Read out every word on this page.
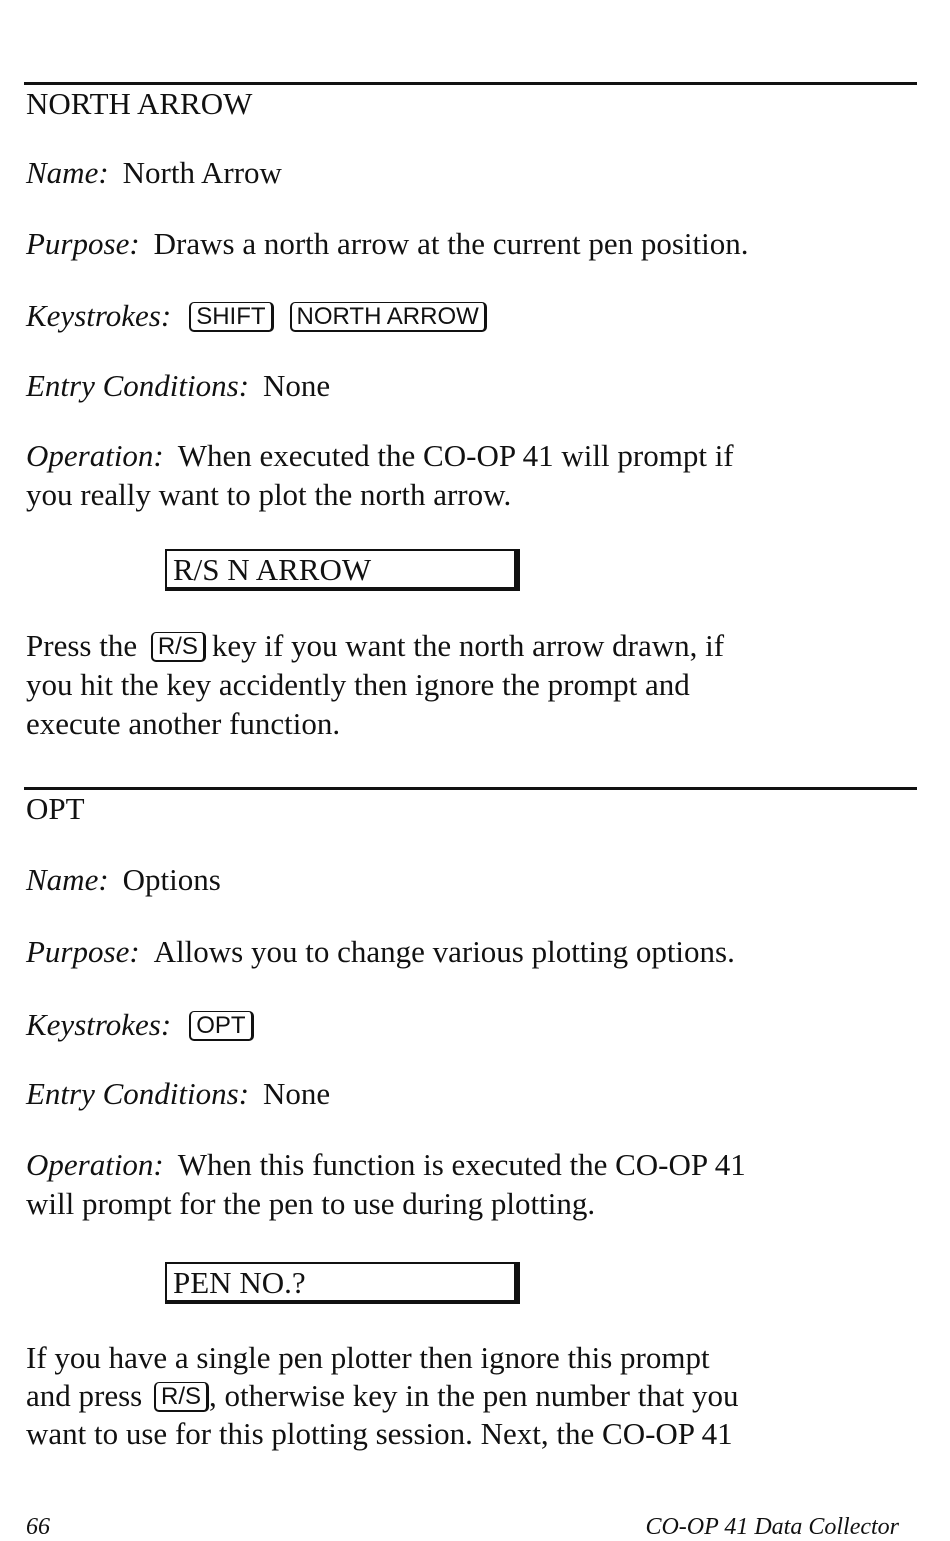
NORTH ARROW
Name: North Arrow
Purpose: Draws a north arrow at the current pen position.
Keystrokes: SHIFT NORTH ARROW
Entry Conditions: None
Operation: When executed the CO-OP 41 will prompt if
you really want to plot the north arrow.
R/S N ARROW
Press the R/S key if you want the north arrow drawn, if
you hit the key accidently then ignore the prompt and
execute another function.
OPT
Name: Options
Purpose: Allows you to change various plotting options.
Keystrokes: OPT
Entry Conditions: None
Operation: When this function is executed the CO-OP 41
will prompt for the pen to use during plotting.
PEN NO.?
If you have a single pen plotter then ignore this prompt
and press R/S , otherwise key in the pen number that you
want to use for this plotting session. Next, the CO-OP 41
66	CO-OP 41 Data Collector
